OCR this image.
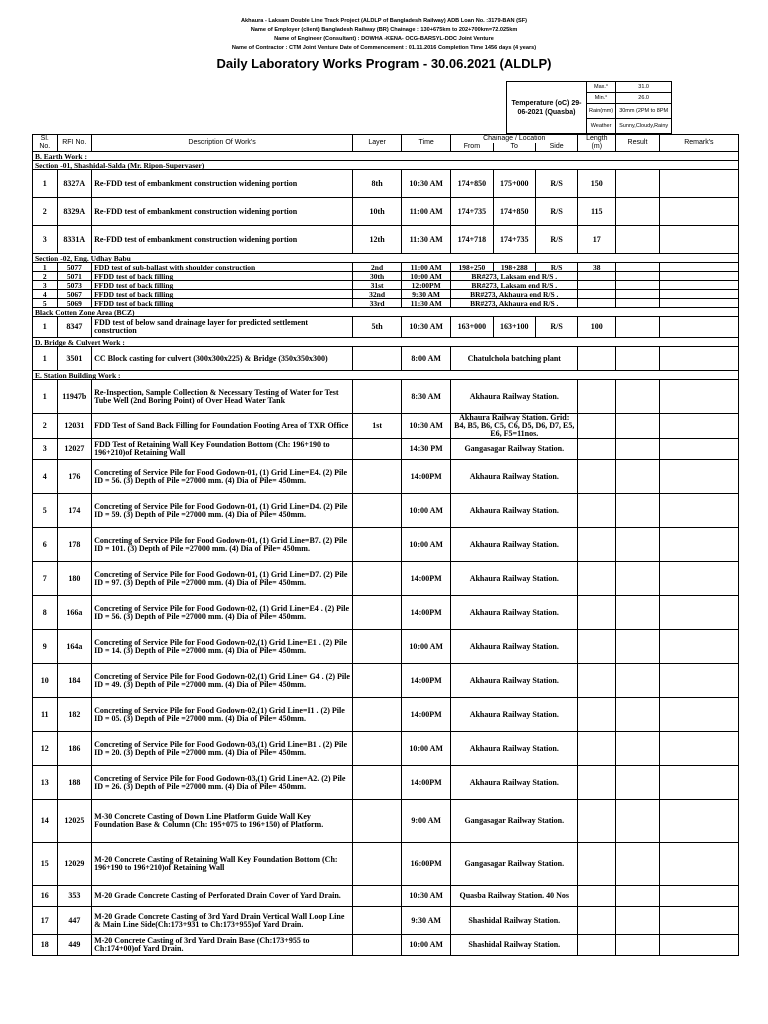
Akhaura - Laksam Double Line Track Project (ALDLP of Bangladesh Railway) ADB Loan No. :3179-BAN (SF)
Name of Employer (client) Bangladesh Railway (BR) Chainage : 130+675km to 202+700km=72.025km
Name of Engineer (Consultant) : DOWHA -KENA- OCG-BARSYL-DDC Joint Venture
Name of Contractor : CTM Joint Venture Date of Commencement : 01.11.2016 Completion Time 1456 days (4 years)
Daily Laboratory Works Program - 30.06.2021 (ALDLP)
Temperature (oC) 29-06-2021 (Quasba)	Max.°	31.0
	Min.°	26.0
	Rain(mm)	30mm (2PM to 8PM
	Weather	Sunny,Cloudy,Rainy
Sl. No.	RFI No.	Description Of Work's	Layer	Time	Chainage / Location			Length (m)	Result	Remark's
					From	To	Side			
B. Earth Work :										
Section -01, Shashidal-Salda (Mr. Ripon-Supervaser)										
1	8327A	Re-FDD test of embankment construction widening portion	8th	10:30 AM	174+850	175+000	R/S	150		
2	8329A	Re-FDD test of embankment construction widening portion	10th	11:00 AM	174+735	174+850	R/S	115		
3	8331A	Re-FDD test of embankment construction widening portion	12th	11:30 AM	174+718	174+735	R/S	17		
Section -02, Eng. Udhay Babu										
1	5077	FDD test of sub-ballast with shoulder construction	2nd	11:00 AM	198+250	198+288	R/S	38		
2	5071	FFDD test of back filling	30th	10:00 AM	BR#273, Laksam end R/S .					
3	5073	FFDD test of back filling	31st	12:00PM	BR#273, Laksam end R/S .					
4	5067	FFDD test of back filling	32nd	9:30 AM	BR#273, Akhaura end R/S .					
5	5069	FFDD test of back filling	33rd	11:30 AM	BR#273, Akhaura end R/S .					
Black Cotten Zone Area (BCZ)										
1	8347	FDD test of below sand drainage layer for predicted settlement construction	5th	10:30 AM	163+000	163+100	R/S	100		
D. Bridge & Culvert Work :										
1	3501	CC Block casting for culvert (300x300x225) & Bridge (350x350x300)		8:00 AM	Chatulchola batching plant					
E. Station Building Work :										
1	11947b	Re-Inspection, Sample Collection & Necessary Testing of Water for Test Tube Well (2nd Boring Point) of Over Head Water Tank		8:30 AM	Akhaura Railway Station.					
2	12031	FDD Test of Sand Back Filling for Foundation Footing Area of TXR Office	1st	10:30 AM	Akhaura Railway Station. Grid: B4, B5, B6, C5, C6, D5, D6, D7, E5, E6, F5=11nos.					
3	12027	FDD Test of Retaining Wall Key Foundation Bottom (Ch: 196+190 to 196+210)of Retaining Wall		14:30 PM	Gangasagar Railway Station.					
4	176	Concreting of Service Pile for Food Godown-01, (1) Grid Line=E4. (2) Pile ID = 56. (3) Depth of Pile =27000 mm. (4) Dia of Pile= 450mm.		14:00PM	Akhaura Railway Station.					
5	174	Concreting of Service Pile for Food Godown-01, (1) Grid Line=D4. (2) Pile ID = 59. (3) Depth of Pile =27000 mm. (4) Dia of Pile= 450mm.		10:00 AM	Akhaura Railway Station.					
6	178	Concreting of Service Pile for Food Godown-01, (1) Grid Line=B7. (2) Pile ID = 101. (3) Depth of Pile =27000 mm. (4) Dia of Pile= 450mm.		10:00 AM	Akhaura Railway Station.					
7	180	Concreting of Service Pile for Food Godown-01, (1) Grid Line=D7. (2) Pile ID = 97. (3) Depth of Pile =27000 mm. (4) Dia of Pile= 450mm.		14:00PM	Akhaura Railway Station.					
8	166a	Concreting of Service Pile for Food Godown-02, (1) Grid Line=E4 . (2) Pile ID = 56. (3) Depth of Pile =27000 mm. (4) Dia of Pile= 450mm.		14:00PM	Akhaura Railway Station.					
9	164a	Concreting of Service Pile for Food Godown-02,(1) Grid Line=E1 . (2) Pile ID = 14. (3) Depth of Pile =27000 mm. (4) Dia of Pile= 450mm.		10:00 AM	Akhaura Railway Station.					
10	184	Concreting of Service Pile for Food Godown-02,(1) Grid Line= G4 . (2) Pile ID = 49. (3) Depth of Pile =27000 mm. (4) Dia of Pile= 450mm.		14:00PM	Akhaura Railway Station.					
11	182	Concreting of Service Pile for Food Godown-02,(1) Grid Line=I1 . (2) Pile ID = 05. (3) Depth of Pile =27000 mm. (4) Dia of Pile= 450mm.		14:00PM	Akhaura Railway Station.					
12	186	Concreting of Service Pile for Food Godown-03,(1) Grid Line=B1 . (2) Pile ID = 20. (3) Depth of Pile =27000 mm. (4) Dia of Pile= 450mm.		10:00 AM	Akhaura Railway Station.					
13	188	Concreting of Service Pile for Food Godown-03,(1) Grid Line=A2. (2) Pile ID = 26. (3) Depth of Pile =27000 mm. (4) Dia of Pile= 450mm.		14:00PM	Akhaura Railway Station.					
14	12025	M-30 Concrete Casting of Down Line Platform Guide Wall Key Foundation Base & Column (Ch: 195+075 to 196+150) of Platform.		9:00 AM	Gangasagar Railway Station.					
15	12029	M-20 Concrete Casting of Retaining Wall Key Foundation Bottom (Ch: 196+190 to 196+210)of Retaining Wall		16:00PM	Gangasagar Railway Station.					
16	353	M-20 Grade Concrete Casting of Perforated Drain Cover of Yard Drain.		10:30 AM	Quasba Railway Station. 40 Nos					
17	447	M-20 Grade Concrete Casting of 3rd Yard Drain Vertical Wall Loop Line & Main Line Side(Ch:173+931 to Ch:173+955)of Yard Drain.		9:30 AM	Shashidal Railway Station.					
18	449	M-20 Concrete Casting of 3rd Yard Drain Base (Ch:173+955 to Ch:174+00)of Yard Drain.		10:00 AM	Shashidal Railway Station.					
